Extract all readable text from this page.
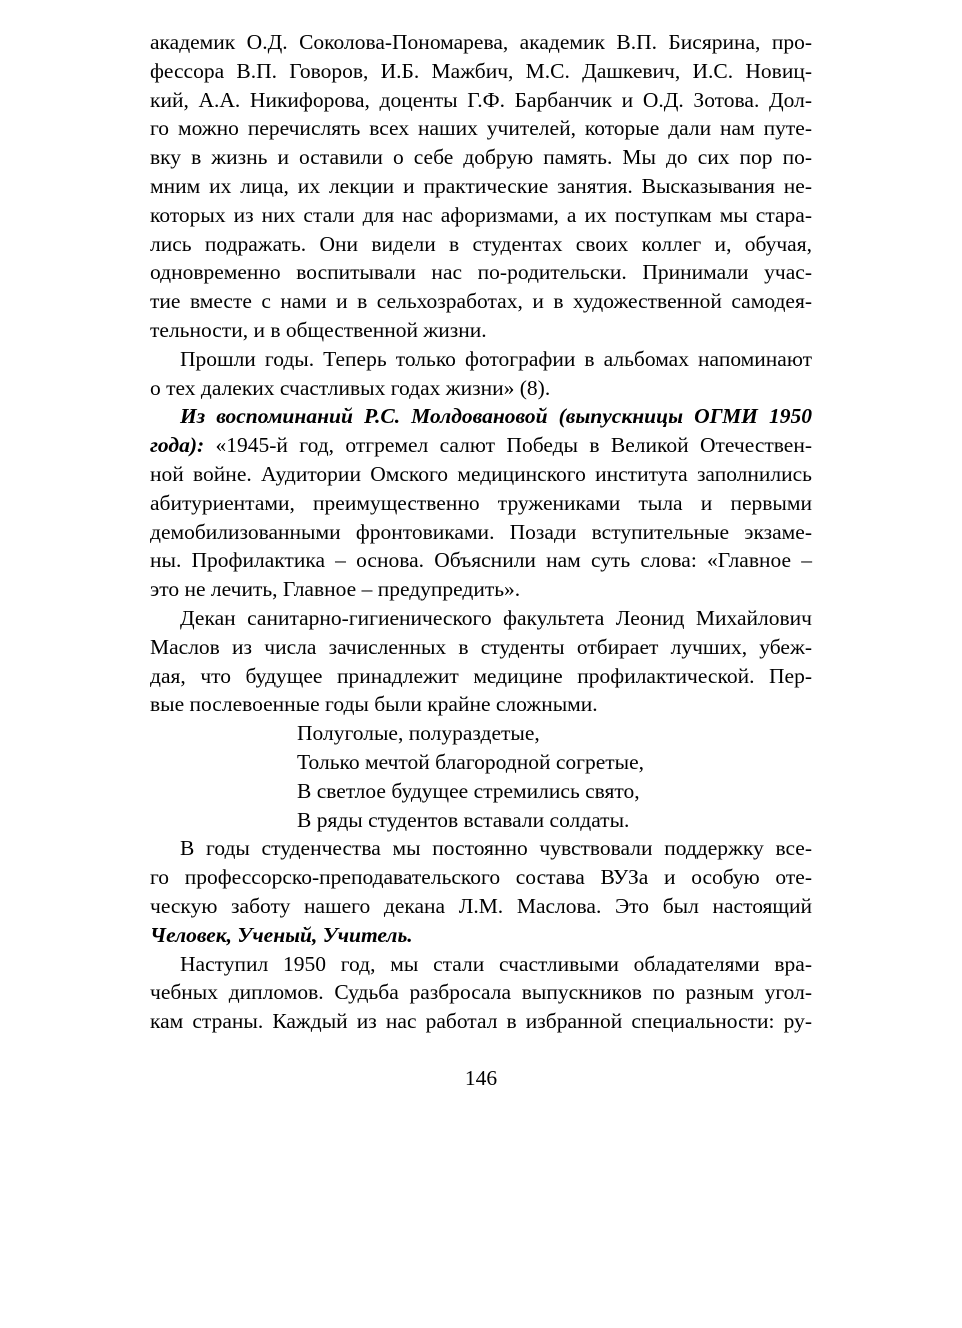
академик О.Д. Соколова-Пономарева, академик В.П. Бисярина, про-
фессора В.П. Говоров, И.Б. Мажбич, М.С. Дашкевич, И.С. Новиц-
кий, А.А. Никифорова, доценты Г.Ф. Барбанчик и О.Д. Зотова. Дол-
го можно перечислять всех наших учителей, которые дали нам путе-
вку в жизнь и оставили о себе добрую память. Мы до сих пор по-
мним их лица, их лекции и практические занятия. Высказывания не-
которых из них стали для нас афоризмами, а их поступкам мы стара-
лись подражать. Они видели в студентах своих коллег и, обучая,
одновременно воспитывали нас по-родительски. Принимали учас-
тие вместе с нами и в сельхозработах, и в художественной самодея-
тельности, и в общественной жизни.
Прошли годы. Теперь только фотографии в альбомах напоминают
о тех далеких счастливых годах жизни» (8).
Из воспоминаний Р.С. Молдовановой (выпускницы ОГМИ 1950
года): «1945-й год, отгремел салют Победы в Великой Отечествен-
ной войне. Аудитории Омского медицинского института заполнились
абитуриентами, преимущественно тружениками тыла и первыми
демобилизованными фронтовиками. Позади вступительные экзаме-
ны. Профилактика – основа. Объяснили нам суть слова: «Главное –
это не лечить, Главное – предупредить».
Декан санитарно-гигиенического факультета Леонид Михайлович
Маслов из числа зачисленных в студенты отбирает лучших, убеж-
дая, что будущее принадлежит медицине профилактической. Пер-
вые послевоенные годы были крайне сложными.
Полуголые, полураздетые,
Только мечтой благородной согретые,
В светлое будущее стремились свято,
В ряды студентов вставали солдаты.
В годы студенчества мы постоянно чувствовали поддержку все-
го профессорско-преподавательского состава ВУЗа и особую оте-
ческую заботу нашего декана Л.М. Маслова. Это был настоящий
Человек, Ученый, Учитель.
Наступил 1950 год, мы стали счастливыми обладателями вра-
чебных дипломов. Судьба разбросала выпускников по разным угол-
кам страны. Каждый из нас работал в избранной специальности: ру-
146
